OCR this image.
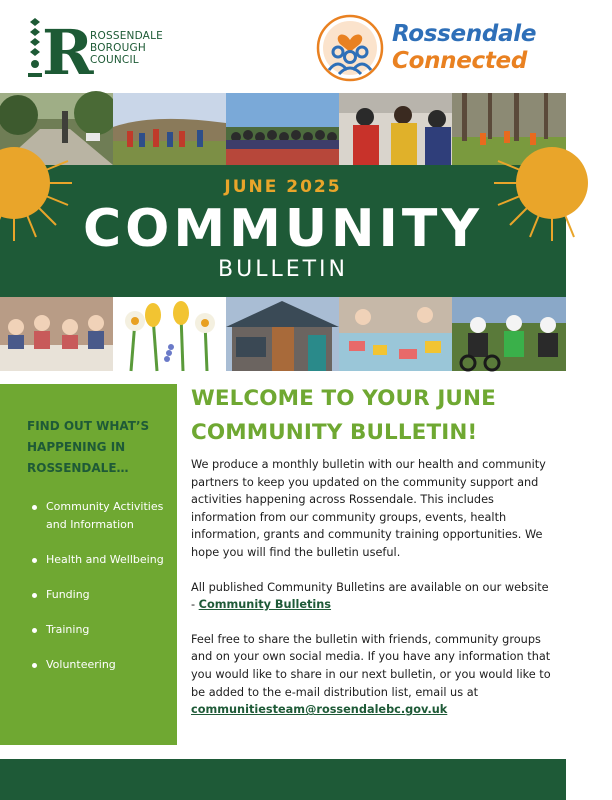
R
ROSSENDALE
BOROUGH
COUNCIL
Rossendale
Connected
JUNE 2025
COMMUNITY
BULLETIN
FIND OUT WHAT’S HAPPENING IN ROSSENDALE…
Community Activities and Information
Health and Wellbeing
Funding
Training
Volunteering
WELCOME TO YOUR JUNE COMMUNITY BULLETIN!

We produce a monthly bulletin with our health and community partners to keep you updated on the community support and activities happening across Rossendale. This includes information from our community groups, events, health information, grants and community training opportunities. We hope you will find the bulletin useful.

All published Community Bulletins are available on our website - Community Bulletins

Feel free to share the bulletin with friends, community groups and on your own social media. If you have any information that you would like to share in our next bulletin, or you would like to be added to the e-mail distribution list, email us at communitiesteam@rossendalebc.gov.uk
